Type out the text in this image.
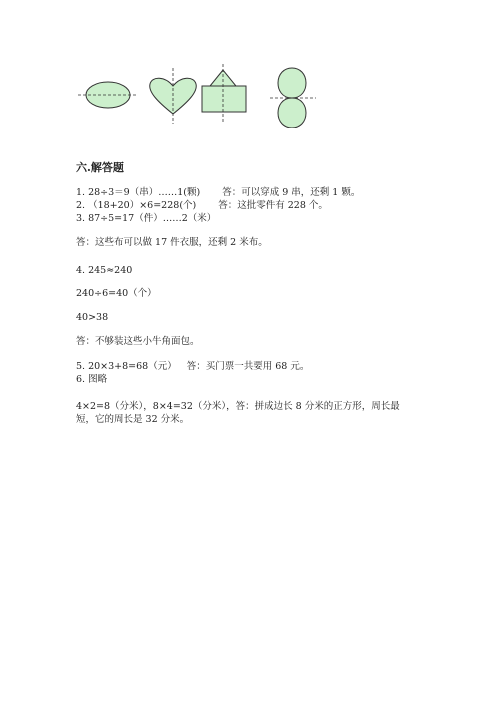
六.解答题
1. 28÷3＝9（串）……1(颗) 答：可以穿成 9 串，还剩 1 颗。
2. （18+20）×6=228(个) 答：这批零件有 228 个。
3. 87÷5=17（件）……2（米）
答：这些布可以做 17 件衣服，还剩 2 米布。
4. 245≈240
240÷6=40（个）
40>38
答：不够装这些小牛角面包。
5. 20×3+8=68（元） 答：买门票一共要用 68 元。
6. 图略
4×2=8（分米），8×4=32（分米），答：拼成边长 8 分米的正方形，周长最
短，它的周长是 32 分米。
